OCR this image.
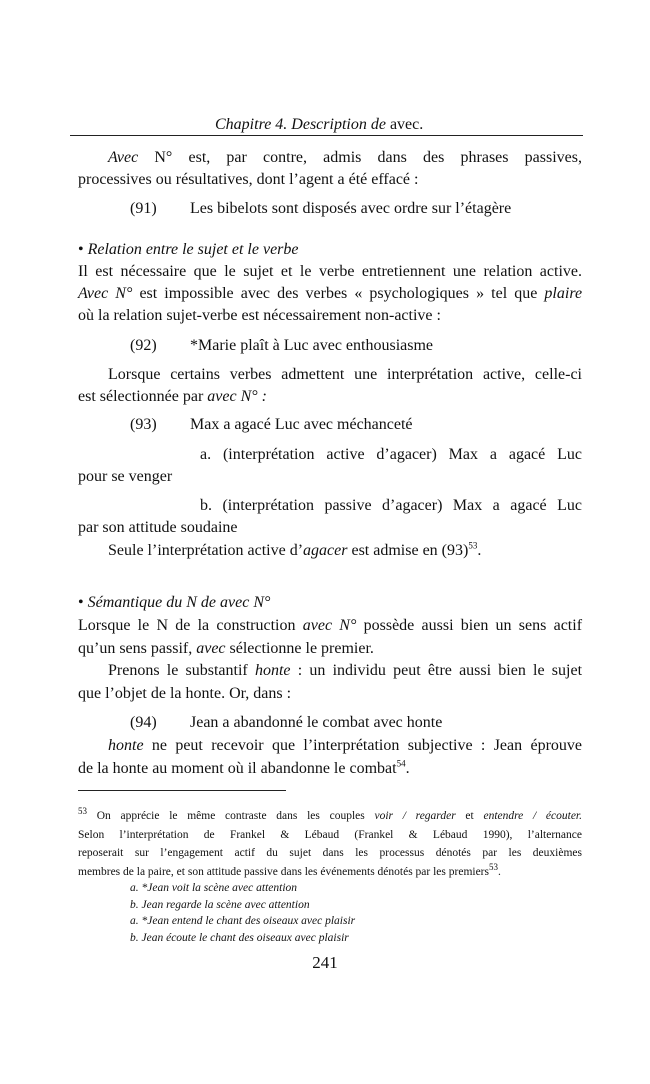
Chapitre 4. Description de avec.
Avec N° est, par contre, admis dans des phrases passives,
processives ou résultatives, dont l’agent a été effacé :
(91)	Les bibelots sont disposés avec ordre sur l’étagère
• Relation entre le sujet et le verbe
Il est nécessaire que le sujet et le verbe entretiennent une relation active.
Avec N° est impossible avec des verbes « psychologiques » tel que plaire
où la relation sujet-verbe est nécessairement non-active :
(92)	*Marie plaît à Luc avec enthousiasme
Lorsque certains verbes admettent une interprétation active, celle-ci
est sélectionnée par avec N° :
(93)	Max a agacé Luc avec méchanceté
a. (interprétation active d’agacer) Max a agacé Luc
pour se venger
b. (interprétation passive d’agacer) Max a agacé Luc
par son attitude soudaine
Seule l’interprétation active d’agacer est admise en $(93)^{53}$.
• Sémantique du N de avec N°
Lorsque le N de la construction avec N° possède aussi bien un sens actif
qu’un sens passif, avec sélectionne le premier.
Prenons le substantif honte : un individu peut être aussi bien le sujet
que l’objet de la honte. Or, dans :
(94)	Jean a abandonné le combat avec honte
honte ne peut recevoir que l’interprétation subjective : Jean éprouve
de la honte au moment où il abandonne le combat$^{54}$.
$^{53}$ On apprécie le même contraste dans les couples voir / regarder et entendre / écouter.
Selon l’interprétation de Frankel & Lébaud (Frankel & Lébaud 1990), l’alternance
reposerait sur l’engagement actif du sujet dans les processus dénotés par les deuxièmes
membres de la paire, et son attitude passive dans les événements dénotés par les premiers$^{53}$.
a. *Jean voit la scène avec attention
b. Jean regarde la scène avec attention
a. *Jean entend le chant des oiseaux avec plaisir
b. Jean écoute le chant des oiseaux avec plaisir
241
